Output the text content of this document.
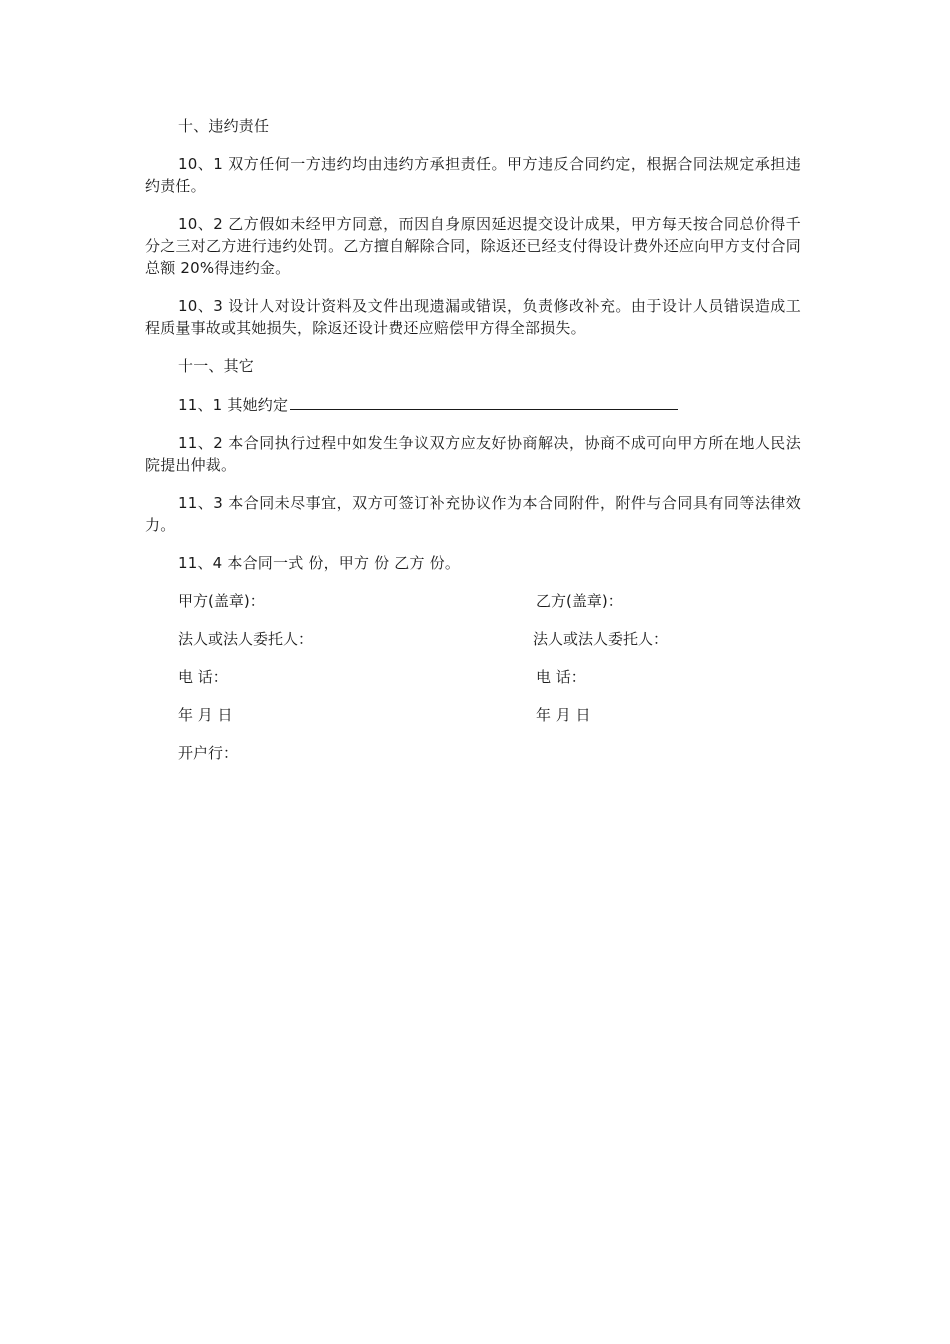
十、违约责任

10、1 双方任何一方违约均由违约方承担责任。甲方违反合同约定，根据合同法规定承担违约责任。

10、2 乙方假如未经甲方同意，而因自身原因延迟提交设计成果，甲方每天按合同总价得千分之三对乙方进行违约处罚。乙方擅自解除合同，除返还已经支付得设计费外还应向甲方支付合同总额 20%得违约金。

10、3 设计人对设计资料及文件出现遗漏或错误，负责修改补充。由于设计人员错误造成工程质量事故或其她损失，除返还设计费还应赔偿甲方得全部损失。

十一、其它

11、1 其她约定

11、2 本合同执行过程中如发生争议双方应友好协商解决，协商不成可向甲方所在地人民法院提出仲裁。

11、3 本合同未尽事宜，双方可签订补充协议作为本合同附件，附件与合同具有同等法律效力。

11、4 本合同一式 份，甲方 份 乙方 份。

甲方(盖章)：	乙方(盖章)：
法人或法人委托人：	法人或法人委托人：
电 话：	电 话：
年 月 日	年 月 日
开户行：
